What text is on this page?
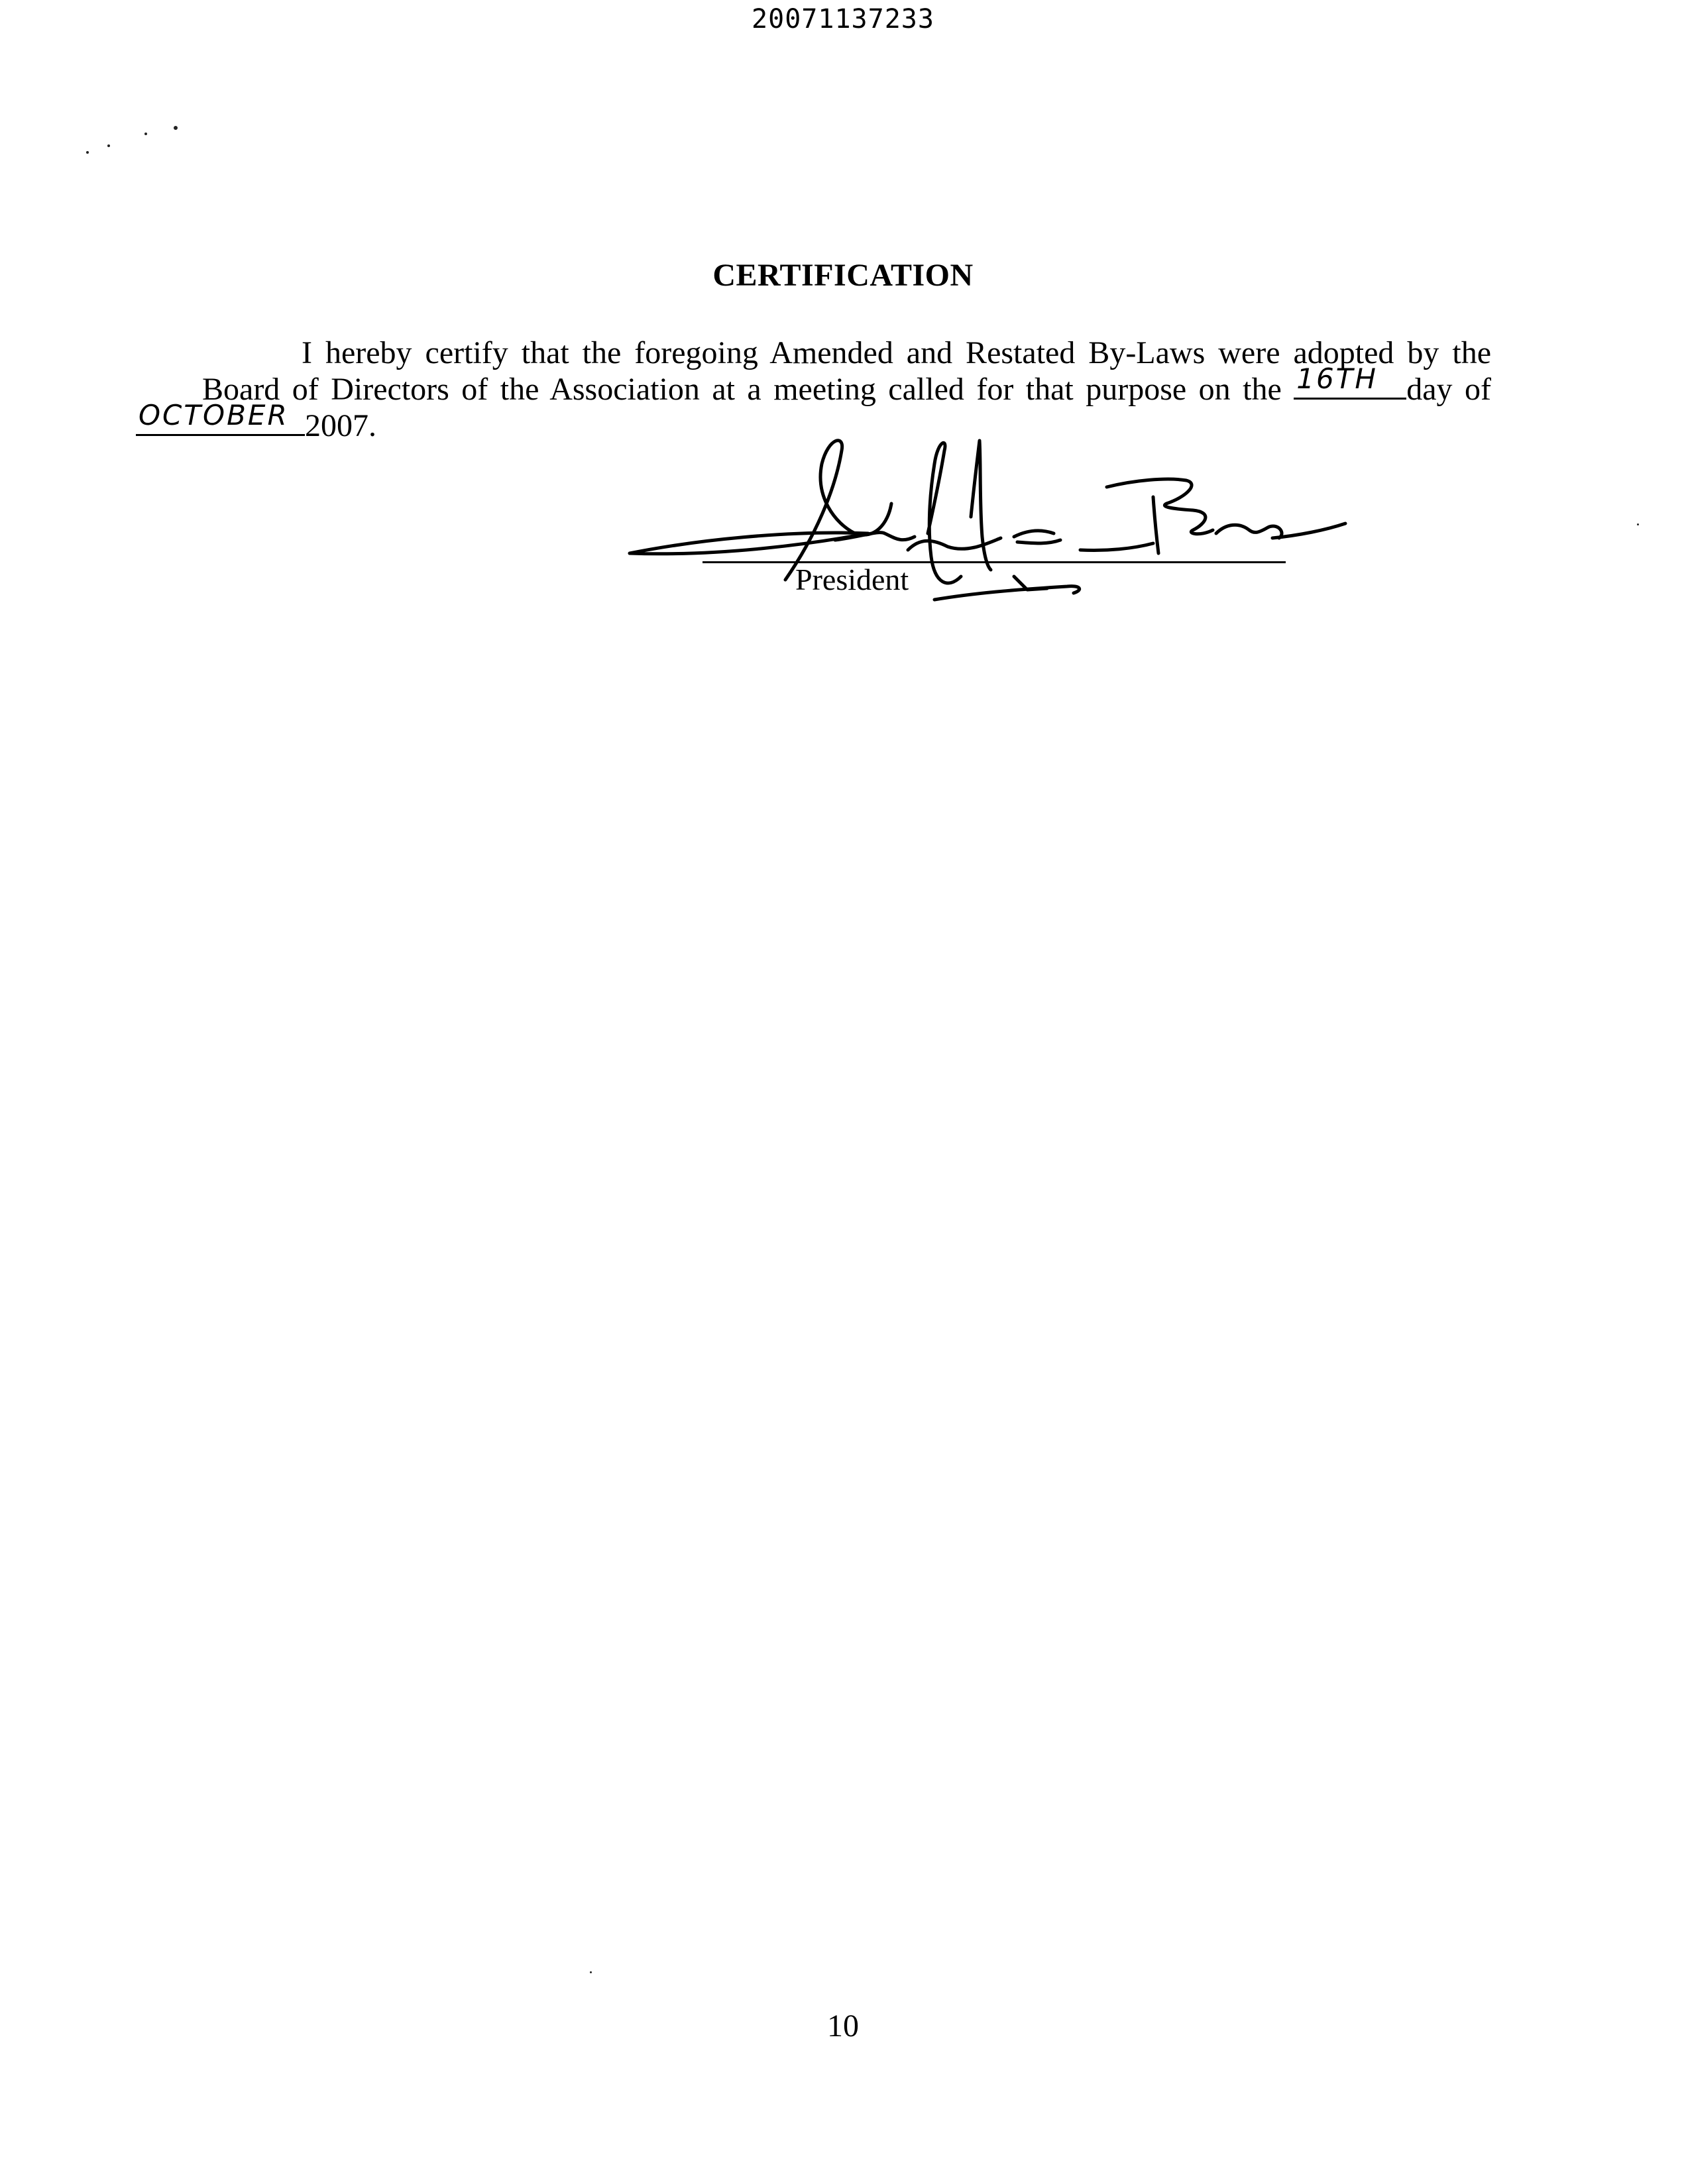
20071137233
CERTIFICATION
I hereby certify that the foregoing Amended and Restated By-Laws were adopted by the
Board of Directors of the Association at a meeting called for that purpose on the 16TH day of
OCTOBER 2007.
President
10
